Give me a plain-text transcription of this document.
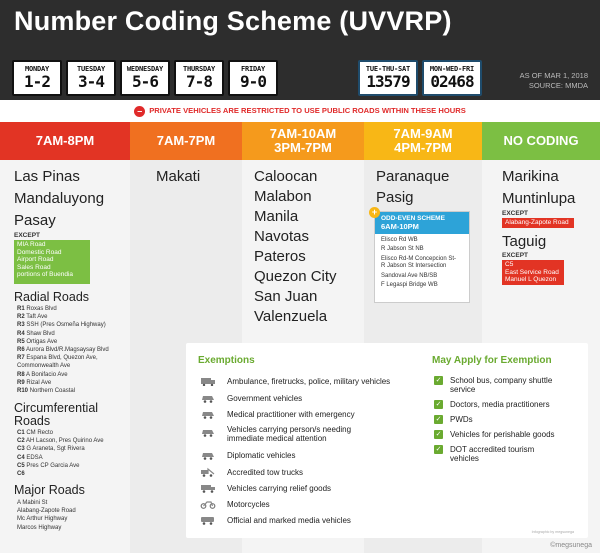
Number Coding Scheme (UVVRP)
MONDAY
1-2
TUESDAY
3-4
WEDNESDAY
5-6
THURSDAY
7-8
FRIDAY
9-0
TUE-THU-SAT
13579
MON-WED-FRI
02468	AS OF MAR 1, 2018
SOURCE: MMDA
– PRIVATE VEHICLES ARE RESTRICTED TO USE PUBLIC ROADS WITHIN THESE HOURS
7AM-8PM	7AM-7PM	7AM-10AM
3PM-7PM
7AM-9AM
4PM-7PM	NO CODING
Las Pinas
Mandaluyong
Pasay
EXCEPT
MIA Road
Domestic Road
Airport Road
Sales Road
portions of Buendia
Radial Roads
R1 Roxas Blvd
R2 Taft Ave
R3 SSH (Pres Osmeña Highway)
R4 Shaw Blvd
R5 Ortigas Ave
R6 Aurora Blvd/R.Magsaysay Blvd
R7 Espana Blvd, Quezon Ave,
Commonwealth Ave
R8 A Bonifacio Ave
R9 Rizal Ave
R10 Northern Coastal
Circumferential
Roads
C1 CM Recto
C2 AH Lacson, Pres Quirino Ave
C3 G Araneta, Sgt Rivera
C4 EDSA
C5 Pres CP Garcia Ave
C6
Major Roads
A Mabini St
Alabang-Zapote Road
Mc Arthur Highway
Marcos Highway
Makati	Caloocan
Malabon
Manila
Navotas
Pateros
Quezon City
San Juan
Valenzuela
Paranaque
Pasig
+
ODD-EVEN SCHEME
6AM-10PM
Elisco Rd WB
R Jabson St NB
Elisco Rd-M Concepcion St-
R Jabson St Intersection
Sandoval Ave NB/SB
F Legaspi Bridge WB
Marikina
Muntinlupa
EXCEPT
Alabang-Zapote Road
Taguig
EXCEPT
C5
East Service Road
Manuel L Quezon
Exemptions
Ambulance, firetrucks, police, military vehicles
Government vehicles
Medical practitioner with emergency
Vehicles carrying person/s needing
immediate medical attention
Diplomatic vehicles
Accredited tow trucks
Vehicles carrying relief goods
Motorcycles
Official and marked media vehicles
May Apply for Exemption
✓ School bus, company shuttle
service
✓ Doctors, media practitioners
✓ PWDs
✓ Vehicles for perishable goods
✓ DOT accredited tourism
vehicles
Infographic by megsunega
©megsunega
